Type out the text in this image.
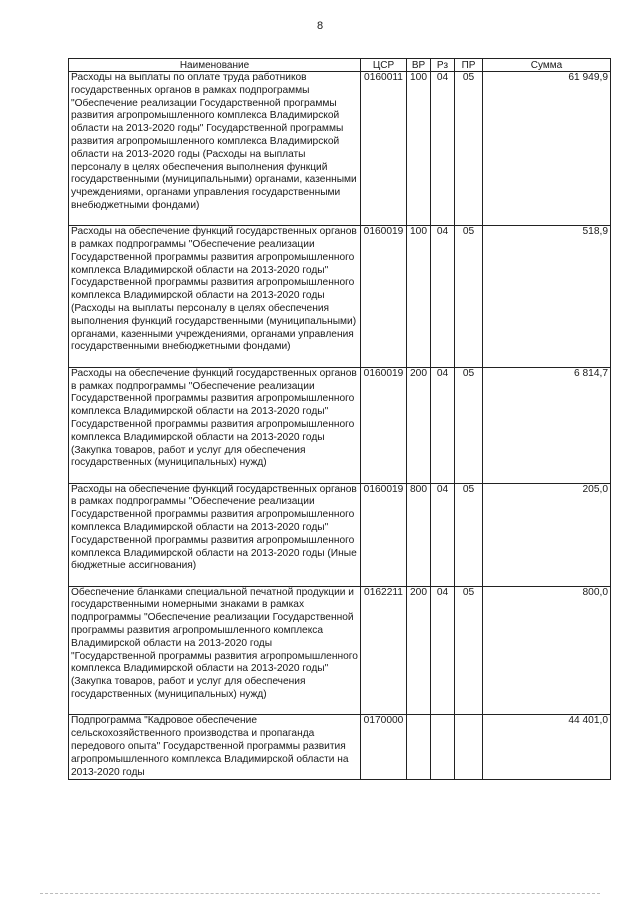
8
Наименование	ЦСР	ВР	Рз	ПР	Сумма
Расходы на выплаты по оплате труда работников государственных органов в рамках подпрограммы "Обеспечение реализации Государственной программы развития агропромышленного комплекса Владимирской области на 2013-2020 годы" Государственной программы развития агропромышленного комплекса Владимирской области на 2013-2020 годы (Расходы на выплаты персоналу в целях обеспечения выполнения функций государственными (муниципальными) органами, казенными учреждениями, органами управления государственными внебюджетными фондами)	0160011	100	04	05	61 949,9

Расходы на обеспечение функций государственных органов в рамках подпрограммы "Обеспечение реализации Государственной программы развития агропромышленного комплекса Владимирской области на 2013-2020 годы" Государственной программы развития агропромышленного комплекса Владимирской области на 2013-2020 годы (Расходы на выплаты персоналу в целях обеспечения выполнения функций государственными (муниципальными) органами, казенными учреждениями, органами управления государственными внебюджетными фондами)	0160019	100	04	05	518,9

Расходы на обеспечение функций государственных органов в рамках подпрограммы "Обеспечение реализации Государственной программы развития агропромышленного комплекса Владимирской области на 2013-2020 годы" Государственной программы развития агропромышленного комплекса Владимирской области на 2013-2020 годы (Закупка товаров, работ и услуг для обеспечения государственных (муниципальных) нужд)	0160019	200	04	05	6 814,7

Расходы на обеспечение функций государственных органов в рамках подпрограммы "Обеспечение реализации Государственной программы развития агропромышленного комплекса Владимирской области на 2013-2020 годы" Государственной программы развития агропромышленного комплекса Владимирской области на 2013-2020 годы (Иные бюджетные ассигнования)	0160019	800	04	05	205,0

Обеспечение бланками специальной печатной продукции и государственными номерными знаками в рамках подпрограммы "Обеспечение реализации Государственной программы развития агропромышленного комплекса Владимирской области на 2013-2020 годы "Государственной программы развития агропромышленного комплекса Владимирской области на 2013-2020 годы" (Закупка товаров, работ и услуг для обеспечения государственных (муниципальных) нужд)	0162211	200	04	05	800,0

Подпрограмма "Кадровое обеспечение сельскохозяйственного производства и пропаганда передового опыта" Государственной программы развития агропромышленного комплекса Владимирской области на 2013-2020 годы	0170000				44 401,0
